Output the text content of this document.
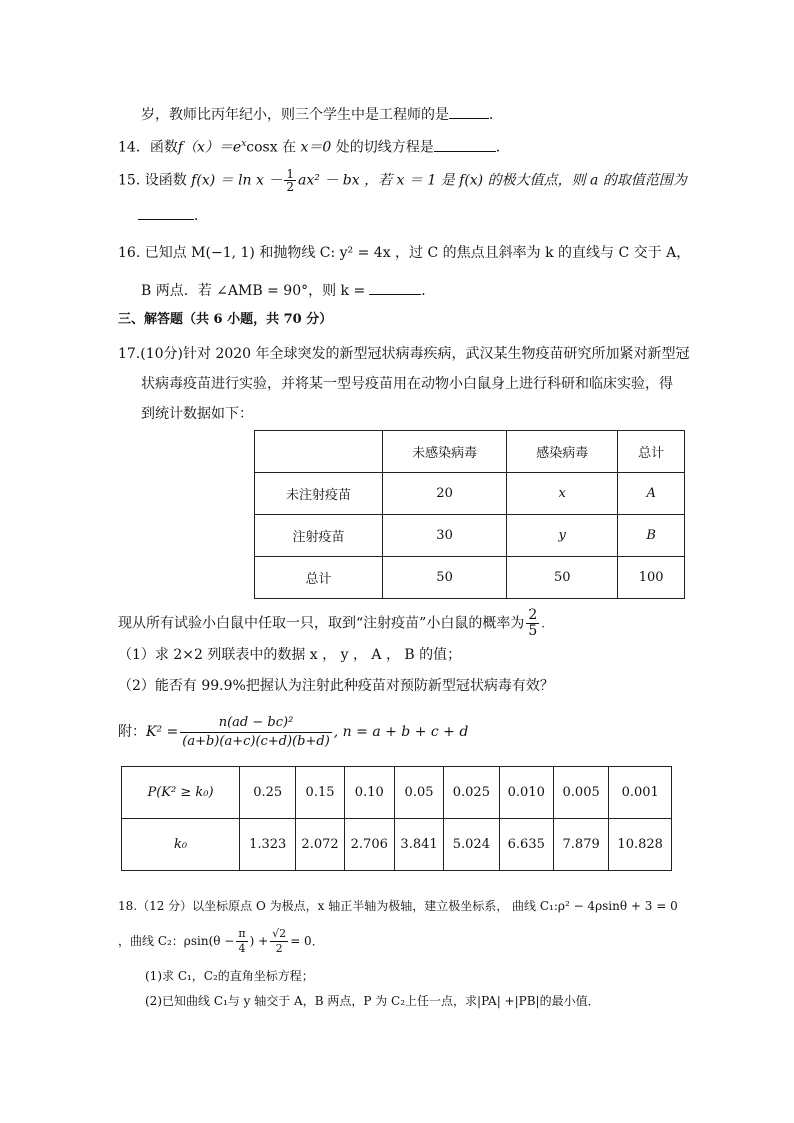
岁，教师比丙年纪小，则三个学生中是工程师的是	．
14．函数$f(x)=e^x\cos x$ 在 x＝0 处的切线方程是	．
15. 设函数 $f(x) = \ln x - \frac{1}{2} ax^2$ － bx ，若 x ＝ 1 是 f(x) 的极大值点，则 a 的取值范围为
．
16. 已知点 M(−1, 1) 和抛物线 C: y² = 4x ，过 C 的焦点且斜率为 k 的直线与 C 交于 A，
B 两点．若 ∠AMB = 90°，则 k =	．
三、解答题（共 6 小题，共 70 分）
17.(10分)针对 2020 年全球突发的新型冠状病毒疾病，武汉某生物疫苗研究所加紧对新型冠
状病毒疫苗进行实验，并将某一型号疫苗用在动物小白鼠身上进行科研和临床实验，得
到统计数据如下：
	未感染病毒	感染病毒	总计
未注射疫苗	20	x	A
注射疫苗	30	y	B
总计	50	50	100
现从所有试验小白鼠中任取一只，取到“注射疫苗”小白鼠的概率为 $\frac{2}{5}$ .
（1）求 2×2 列联表中的数据 x ， y ， A ， B 的值；
（2）能否有 99.9%把握认为注射此种疫苗对预防新型冠状病毒有效？
附：$K^2 = \frac{\text{n(ad − bc)²}}{(a+b)(a+c)(c+d)(b+d)}$ , n = a + b + c + d
P(K² ≥ k₀)	0.25	0.15	0.10	0.05	0.025	0.010	0.005	0.001
k₀	1.323	2.072	2.706	3.841	5.024	6.635	7.879	10.828
18.（12 分）以坐标原点 O 为极点，x 轴正半轴为极轴，建立极坐标系， 曲线 C₁:ρ² − 4ρsinθ + 3 = 0
，曲线 C₂：$\rho\sin(\theta - \frac{\pi}{4}$ ) + $\frac{√2}{2} = 0$．
(1)求 C₁，C₂的直角坐标方程；
(2)已知曲线 C₁与 y 轴交于 A，B 两点，P 为 C₂上任一点，求|PA| +|PB|的最小值．
